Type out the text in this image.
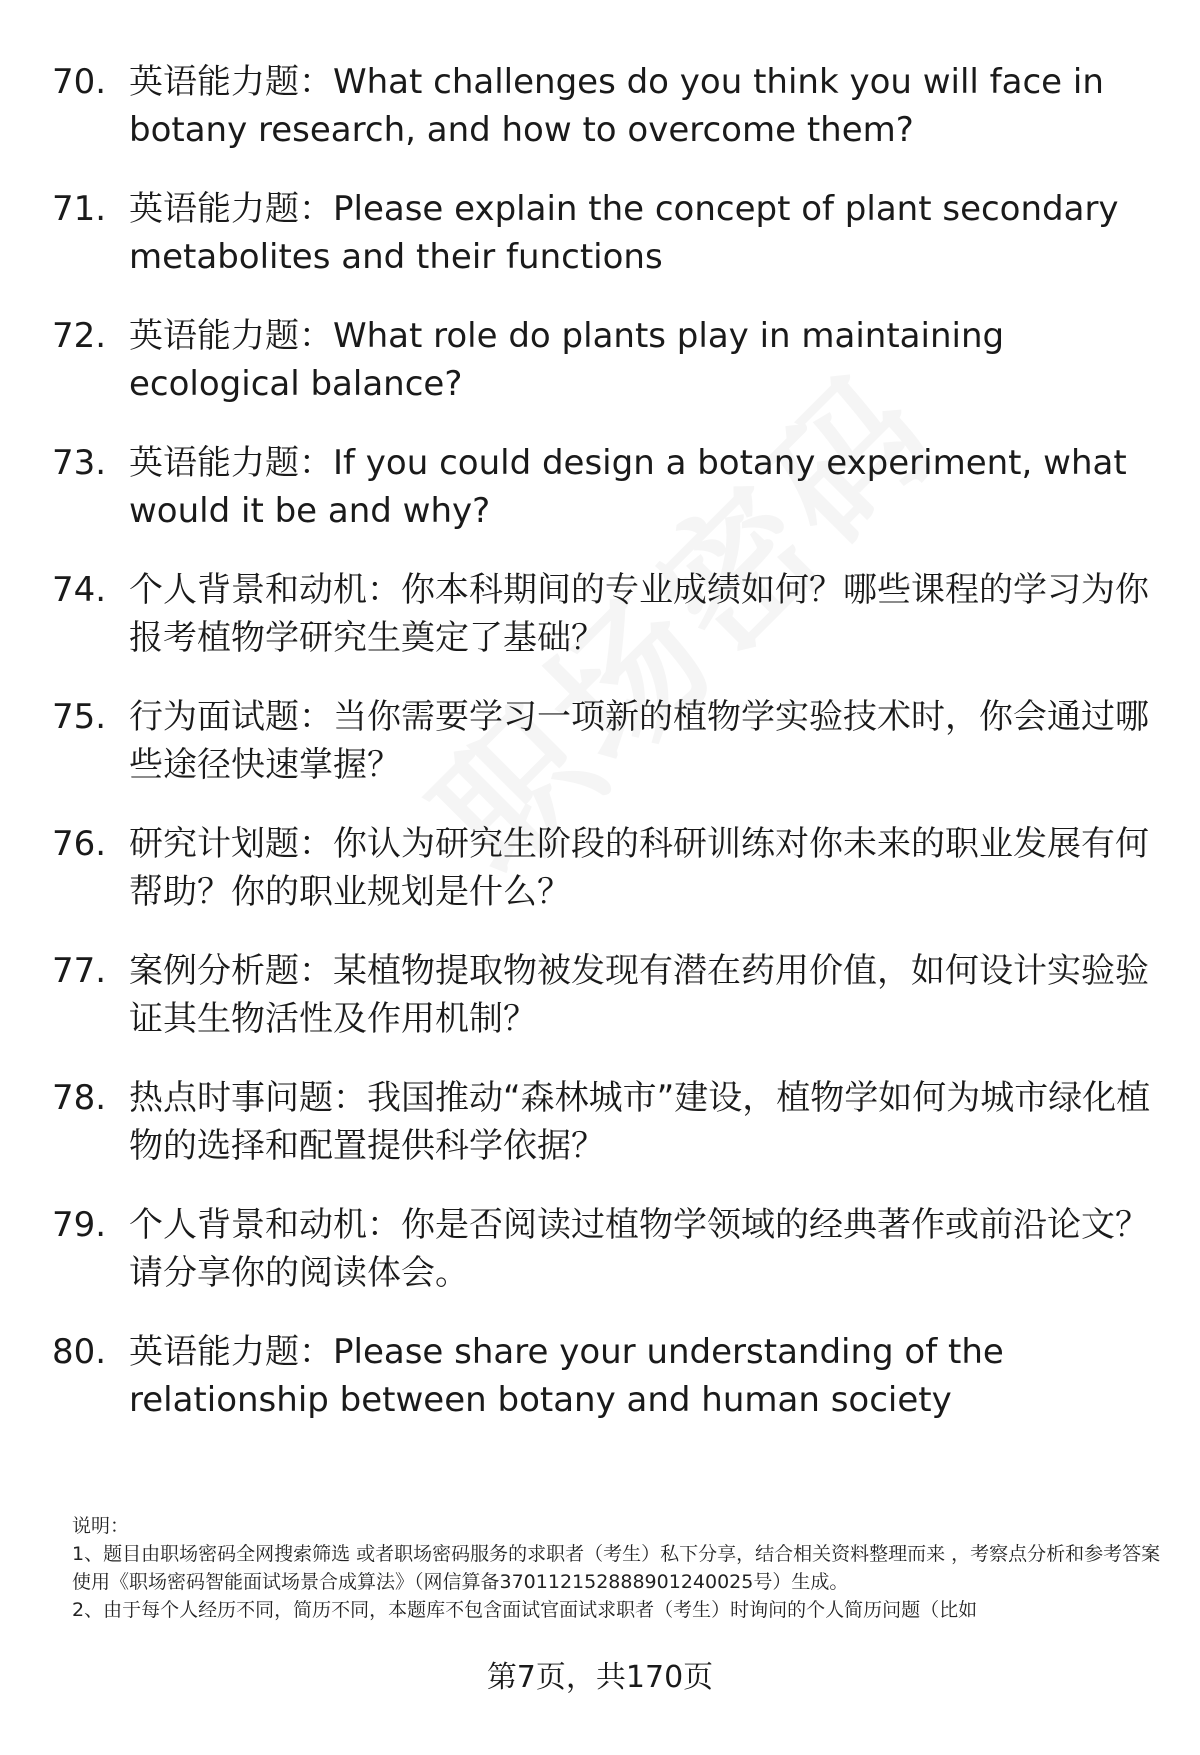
70. 英语能力题：What challenges do you think you will face in botany research, and how to overcome them?
71. 英语能力题：Please explain the concept of plant secondary metabolites and their functions
72. 英语能力题：What role do plants play in maintaining ecological balance?
73. 英语能力题：If you could design a botany experiment, what would it be and why?
74. 个人背景和动机：你本科期间的专业成绩如何？哪些课程的学习为你报考植物学研究生奠定了基础？
75. 行为面试题：当你需要学习一项新的植物学实验技术时，你会通过哪些途径快速掌握？
76. 研究计划题：你认为研究生阶段的科研训练对你未来的职业发展有何帮助？你的职业规划是什么？
77. 案例分析题：某植物提取物被发现有潜在药用价值，如何设计实验验证其生物活性及作用机制？
78. 热点时事问题：我国推动“森林城市”建设，植物学如何为城市绿化植物的选择和配置提供科学依据？
79. 个人背景和动机：你是否阅读过植物学领域的经典著作或前沿论文？请分享你的阅读体会。
80. 英语能力题：Please share your understanding of the relationship between botany and human society

说明：

1、题目由职场密码全网搜索筛选 或者职场密码服务的求职者（考生）私下分享，结合相关资料整理而来 ，考察点分析和参考答案使用《职场密码智能面试场景合成算法》（网信算备370112152888901240025号）生成。

2、由于每个人经历不同，简历不同，本题库不包含面试官面试求职者（考生）时询问的个人简历问题（比如

第7页，共170页
